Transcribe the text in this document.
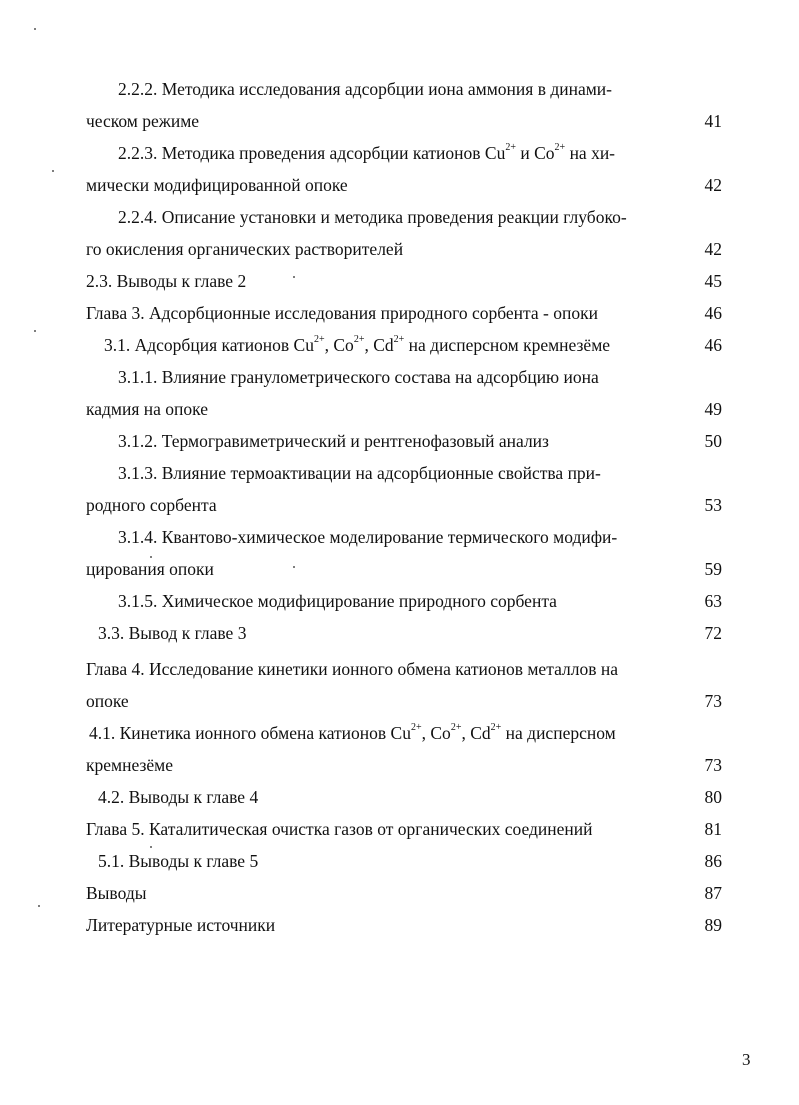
2.2.2. Методика исследования адсорбции иона аммония в динами-
ческом режиме	41
2.2.3. Методика проведения адсорбции катионов $Cu^{2+}$ и $Co^{2+}$ на хи-
мически модифицированной опоке	42
2.2.4. Описание установки и методика проведения реакции глубоко-
го окисления органических растворителей	42
2.3. Выводы к главе 2	45
Глава 3. Адсорбционные исследования природного сорбента - опоки	46
3.1. Адсорбция катионов $Cu^{2+}$, $Co^{2+}$, $Cd^{2+}$ на дисперсном кремнезёме	46
3.1.1. Влияние гранулометрического состава на адсорбцию иона
кадмия на опоке	49
3.1.2. Термогравиметрический и рентгенофазовый анализ	50
3.1.3. Влияние термоактивации на адсорбционные свойства при-
родного сорбента	53
3.1.4. Квантово-химическое моделирование термического модифи-
цирования опоки	59
3.1.5. Химическое модифицирование природного сорбента	63
3.3. Вывод к главе 3	72
Глава 4. Исследование кинетики ионного обмена катионов металлов на
опоке	73
4.1. Кинетика ионного обмена катионов $Cu^{2+}$, $Co^{2+}$, $Cd^{2+}$ на дисперсном
кремнезёме	73
4.2. Выводы к главе 4	80
Глава 5. Каталитическая очистка газов от органических соединений	81
5.1. Выводы к главе 5	86
Выводы	87
Литературные источники	89
3
